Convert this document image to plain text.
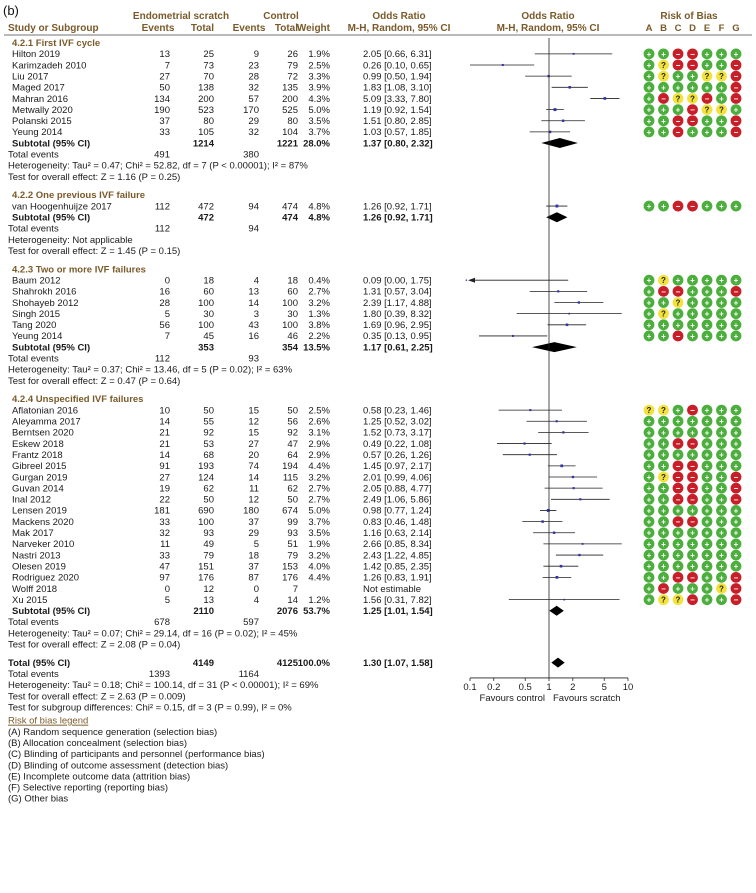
(b)	Endometrial scratch	Control	Odds Ratio	Odds Ratio	Risk of Bias
Study or Subgroup	Events Total Events Total
Weight M-H, Random, 95% CI	M-H, Random, 95% CI	A B C D E F G
4.2.1 First IVF cycle
Hilton 2019	13	25	9	26 1.9%	2.05 [0.66, 6.31]	+ + − − + + +
Karimzadeh 2010	7	73	23	79 2.5%	0.26 [0.10, 0.65]	+ ? − − + + −
Liu 2017	27	70	28	72 3.3%	0.99 [0.50, 1.94]	+ ? + + ? ? −
Maged 2017	50	138	32 135 3.9%	1.83 [1.08, 3.10]	+ + + + + + −
Mahran 2016	134	200	57 200 4.3%	5.09 [3.33, 7.80]	+ − ? ? − + −
Metwally 2020	190	523	170 525 5.0%	1.19 [0.92, 1.54]	+ + + − ? ? +
Polanski 2015	37	80	29	80 3.5%	1.51 [0.80, 2.85]	+ + − − + + −
Yeung 2014	33	105	32 104 3.7%	1.03 [0.57, 1.85]	+ + − + + + −
Subtotal (95% CI)	1214	1221 28.0%	1.37 [0.80, 2.32]
Total events	491	380
Heterogeneity: Tau² = 0.47; Chi² = 52.82, df = 7 (P < 0.00001); I² = 87%
Test for overall effect: Z = 1.16 (P = 0.25)
4.2.2 One previous IVF failure
van Hoogenhuijze 2017	112	472	94 474 4.8%	1.26 [0.92, 1.71]	+ + − − + + +
Subtotal (95% CI)	472	474 4.8%	1.26 [0.92, 1.71]
Total events	112	94
Heterogeneity: Not applicable
Test for overall effect: Z = 1.45 (P = 0.15)
4.2.3 Two or more IVF failures
Baum 2012	0	18	4	18 0.4%	0.09 [0.00, 1.75]	+ ? + + + + +
Shahrokh 2016	16	60	13	60 2.7%	1.31 [0.57, 3.04]	+ − − + + + −
Shohayeb 2012	28	100	14 100 3.2%	2.39 [1.17, 4.88]	+ + ? + + + +
Singh 2015	5	30	3	30 1.3%	1.80 [0.39, 8.32]	+ ? + + + + +
Tang 2020	56	100	43 100 3.8%	1.69 [0.96, 2.95]	+ + + + + + +
Yeung 2014	7	45	16	46 2.2%	0.35 [0.13, 0.95]	+ + − + + + +
Subtotal (95% CI)	353	354 13.5%	1.17 [0.61, 2.25]
Total events	112	93
Heterogeneity: Tau² = 0.37; Chi² = 13.46, df = 5 (P = 0.02); I² = 63%
Test for overall effect: Z = 0.47 (P = 0.64)
4.2.4 Unspecified IVF failures
Aflatonian 2016	10	50	15	50 2.5%	0.58 [0.23, 1.46]	? ? + − + + +
Aleyamma 2017	14	55	12	56 2.6%	1.25 [0.52, 3.02]	+ + + + + + +
Berntsen 2020	21	92	15	92 3.1%	1.52 [0.73, 3.17]	+ + + + + + +
Eskew 2018	21	53	27	47 2.9%	0.49 [0.22, 1.08]	+ + − − + + +
Frantz 2018	14	68	20	64 2.9%	0.57 [0.26, 1.26]	+ + + + + + +
Gibreel 2015	91	193	74 194 4.4%	1.45 [0.97, 2.17]	+ + − − + + +
Gurgan 2019	27	124	14	115 3.2%	2.01 [0.99, 4.06]	+ ? − − + + −
Guvan 2014	19	62	11	62 2.7%	2.05 [0.88, 4.77]	+ + − − + + −
Inal 2012	22	50	12	50 2.7%	2.49 [1.06, 5.86]	+ + − − + + −
Lensen 2019	181	690	180 674 5.0%	0.98 [0.77, 1.24]	+ + + + + + +
Mackens 2020	33	100	37	99 3.7%	0.83 [0.46, 1.48]	+ + − − + + +
Mak 2017	32	93	29	93 3.5%	1.16 [0.63, 2.14]	+ + + + + + +
Narveker 2010	11	49	5	51 1.9%	2.66 [0.85, 8.34]	+ + + + + + +
Nastri 2013	33	79	18	79 3.2%	2.43 [1.22, 4.85]	+ + + + + + +
Olesen 2019	47	151	37 153 4.0%	1.42 [0.85, 2.35]	+ + + + + + +
Rodriguez 2020	97	176	87 176 4.4%	1.26 [0.83, 1.91]	+ + − − + + −
Wolff 2018	0	12	0	7	Not estimable	+ − + + + ? −
Xu 2015	5	13	4	14 1.2%	1.56 [0.31, 7.82]	+ ? ? − + + −
Subtotal (95% CI)	2110	2076 53.7%	1.25 [1.01, 1.54]
Total events	678	597
Heterogeneity: Tau² = 0.07; Chi² = 29.14, df = 16 (P = 0.02); I² = 45%
Test for overall effect: Z = 2.08 (P = 0.04)
Total (95% CI)	4149	4125 100.0%	1.30 [1.07, 1.58]
Total events	1393	1164
Heterogeneity: Tau² = 0.18; Chi² = 100.14, df = 31 (P < 0.00001); I² = 69%
Test for overall effect: Z = 2.63 (P = 0.009)
Test for subgroup differences: Chi² = 0.15, df = 3 (P = 0.99), I² = 0%
0.1 0.2 0.5 1 2	5 10
Favours control Favours scratch
Risk of bias legend
(A) Random sequence generation (selection bias)
(B) Allocation concealment (selection bias)
(C) Blinding of participants and personnel (performance bias)
(D) Blinding of outcome assessment (detection bias)
(E) Incomplete outcome data (attrition bias)
(F) Selective reporting (reporting bias)
(G) Other bias
